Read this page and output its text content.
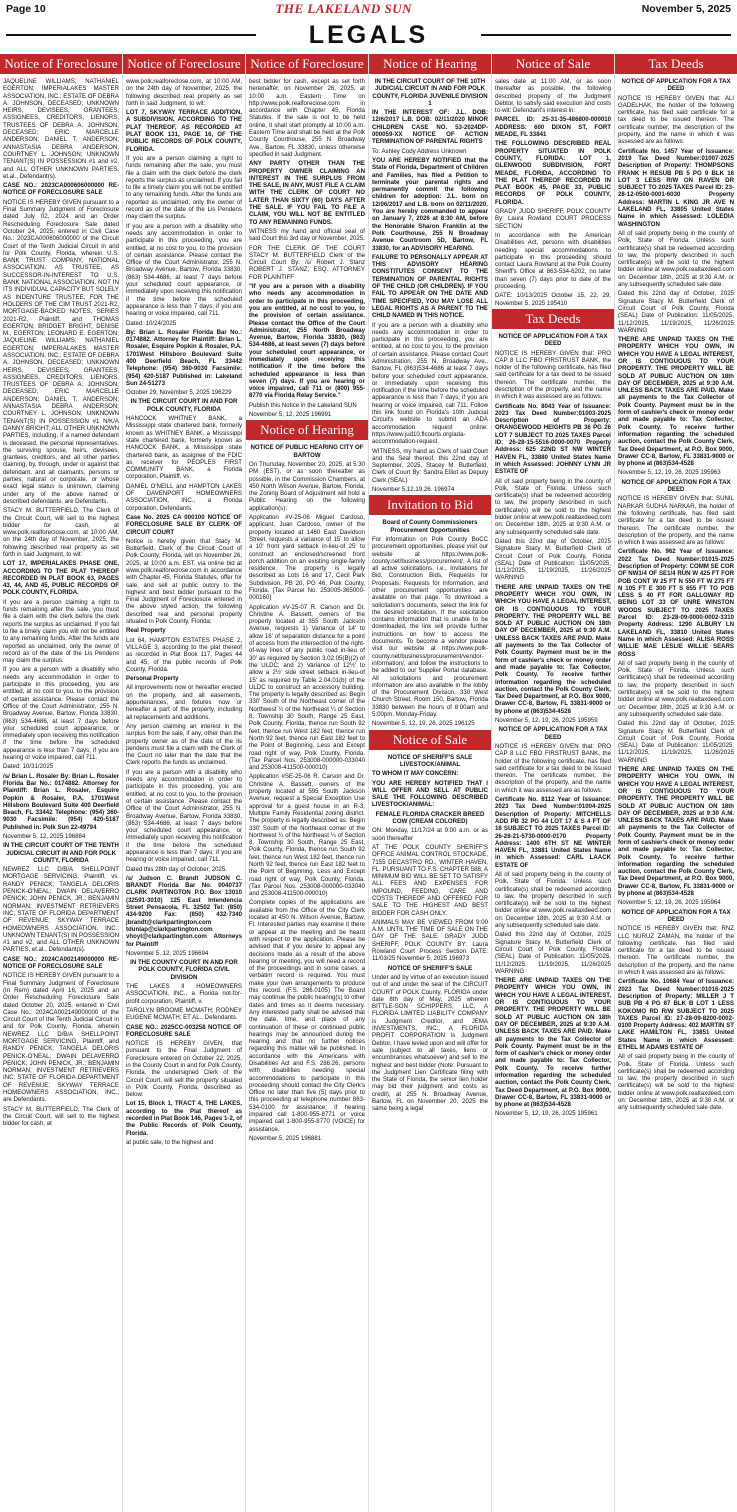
Page 10	THE LAKELAND SUN	November 5, 2025
LEGALS
Notice of Foreclosure

JAQUELINE WILLIAMS; NATHANIEL EGERTON; IMPERIALAKES MASTER ASSOCIATION, INC.; ESTATE OF DEBRA A. JOHNSON, DECEASED; UNKNOWN HEIRS, DEVISEES, GRANTEES, ASSIGNEES, CREDITORS, LIENORS, TRUSTEES OF DEBRA A. JOHNSON, DECEASED; ERIC MARCELLE ANDERSON; DANIEL T. ANDERSON; ANNASTASIA DEBRA ANDERSON; COURTNEY L. JOHNSON; UNKNOWN TENANT(S) IN POSSESSION #1 and #2, and ALL OTHER UNKNOWN PARTIES, et.al., Defendant(s).

CASE NO.: 2023CA000606000000 RE-NOTICE OF FORECLOSURE SALE

NOTICE IS HEREBY GIVEN pursuant to a Final Summary Judgment of Foreclosure dated July 02, 2024 and an Order Rescheduling Foreclosure Sale dated October 24, 2025, entered in Civil Case No.: 2023CA000606000000 of the Circuit Court of the Tenth Judicial Circuit in and for Polk County, Florida, wherein U.S. BANK TRUST COMPANY, NATIONAL ASSOCIATION, AS TRUSTEE, AS SUCCESSOR-IN-INTEREST TO U.S. BANK NATIONAL ASSOCIATION, NOT IN ITS INDIVIDUAL CAPACITY BUT SOLELY AS INDENTURE TRUSTEE, FOR THE HOLDERS OF THE CIM TRUST 2021-R2, MORTGAGE-BACKED NOTES, SERIES 2021-R2, Plaintiff, and THOMAS EGERTON; BRIDGET BRIGHT; DENISE M., EGERTON; LEONARD E. EGERTON; JAQUELINE WILLIAMS; NATHANIEL EGERTON; IMPERIALAKES MASTER ASSOCIATION, INC.; ESTATE OF DEBRA A. JOHNSON, DECEASED; UNKNOWN HEIRS, DEVISEES, GRANTEES, ASSIGNEES, CREDITORS, LIENORS, TRUSTEES OF DEBRA A. JOHNSON, DECEASED; ERIC MARCELLE ANDERSON; DANIEL T. ANDERSON; ANNASTASIA DEBRA ANDERSON; COURTNEY L. JOHNSON; UNKNOWN TENANT(S) IN POSSESSION #1 N/K/A DANNY BRIGHT; ALL OTHER UNKNOWN PARTIES, including, if a named defendant is deceased, the personal representatives, the surviving spouse, heirs, devisees, grantees, creditors, and all other parties claiming, by, through, under or against that defendant, and all claimants, persons or parties, natural or corporate, or whose exact legal status is unknown, claiming under any of the above named or described defendants, are Defendants.

STACY M. BUTTERFIELD, The Clerk of the Circuit Court, will sell to the highest bidder for cash, at www.polk.realforeclose.com, at 10:00 AM, on the 24th day of November, 2025, the following described real property as set forth in said Judgment, to wit:

LOT 17, IMPERIALAKES PHASE ONE, ACCORDING TO THE PLAT THEREOF RECORDED IN PLAT BOOK 63, PAGES 43, 44, AND 45, PUBLIC RECORDS OF POLK COUNTY, FLORIDA.

If you are a person claiming a right to funds remaining after the sale, you must file a claim with the clerk before the clerk reports the surplus as unclaimed. If you fail to file a timely claim you will not be entitled to any remaining funds. After the funds are reported as unclaimed, only the owner of record as of the date of the Lis Pendens may claim the surplus.

If you are a person with a disability who needs any accommodation in order to participate in this proceeding, you are entitled, at no cost to you, to the provision of certain assistance. Please contact the Office of the Court Administrator, 255 N. Broadway Avenue, Bartow, Florida 33830, (863) 534-4686, at least 7 days before your scheduled court appearance, or immediately upon receiving this notification if the time before the scheduled appearance is less than 7 days; if you are hearing or voice impaired, call 711.

Dated: 10/31/2025

/s/ Brian L. Rosaler By: Brian L. Rosaler Florida Bar No.: 0174882. Attorney for Plaintiff: Brian L. Rosaler, Esquire Popkin & Rosaler, P.A. 1701West Hillsboro Boulevard Suite 400 Deerfield Beach, FL 33442 Telephone: (954) 360-9030 Facsimile: (954) 420-5187 Published in: Polk Sun 22-49794

November 5, 12, 2025 196884

IN THE CIRCUIT COURT OF THE TENTH JUDICIAL CIRCUIT IN AND FOR POLK COUNTY, FLORIDA

NEWREZ LLC D/B/A SHELLPOINT MORTGAGE SERVICING, Plaintiff, vs. RANDY PENICK; TANGELA DELORIS PENICK-O'NEAL; DWAIN DELAVERRO PENICK; JOHN PENICK, JR.; BENJAMIN NORMAN; INVESTMENT RETRIEVERS INC; STATE OF FLORIDA DEPARTMENT OF REVENUE; SKYWAY TERRACE HOMEOWNERS ASSOCIATION, INC.; UNKNOWN TENANT(S) IN POSSESSION #1 and #2, and ALL OTHER UNKNOWN PARTIES, et.al., Defendant(s).

CASE NO.: 2024CA002149000000 RE-NOTICE OF FORECLOSURE SALE

NOTICE IS HEREBY GIVEN pursuant to a Final Summary Judgment of Foreclosure (In Rem) dated April 16, 2025 and an Order Rescheduling Foreclosure Sale dated October 20, 2025, entered in Civil Case No.: 2024CA002149000000 of the Circuit Court of the Tenth Judicial Circuit in and for Polk County, Florida, wherein NEWREZ LLC D/B/A SHELLPOINT MORTGAGE SERVICING, Plaintiff, and RANDY PENICK; TANGELA DELORIS PENICK-O'NEAL; DWAIN DELAVERRO PENICK; JOHN PENICK, JR.; BENJAMIN NORMAN; INVESTMENT RETRIEVERS INC; STATE OF FLORIDA DEPARTMENT OF REVENUE; SKYWAY TERRACE HOMEOWNERS ASSOCIATION, INC., are Defendants.

STACY M. BUTTERFIELD, The Clerk of the Circuit Court, will sell to the highest bidder for cash, at

Notice of Foreclosure

www.polk.realforeclose.com, at 10:00 AM, on the 24th day of November, 2025, the following described real property as set forth in said Judgment, to wit:

LOT 7, SKYWAY TERRACE ADDITION, A SUBDIVISION, ACCORDING TO THE PLAT THEREOF, AS RECORDED AT PLAT BOOK 131, PAGE 16, OF THE PUBLIC RECORDS OF POLK COUNTY, FLORIDA.

If you are a person claiming a right to funds remaining after the sale, you must file a claim with the clerk before the clerk reports the surplus as unclaimed. If you fail to file a timely claim you will not be entitled to any remaining funds. After the funds are reported as unclaimed, only the owner of record as of the date of the Lis Pendens may claim the surplus.

If you are a person with a disability who needs any accommodation in order to participate in this proceeding, you are entitled, at no cost to you, to the provision of certain assistance. Please contact the Office of the Court Administrator, 255 N. Broadway Avenue, Bartow, Florida 33830, (863) 534-4686, at least 7 days before your scheduled court appearance, or immediately upon receiving this notification if the time before the scheduled appearance is less than 7 days; if you are hearing or voice impaired, call 711.

Dated: 10/24/2025

By: Brian L. Rosaler Florida Bar No.: 0174882. Attorney for Plaintiff: Brian L. Rosaler, Esquire Popkin & Rosaler, P.A. 1701West Hillsboro Boulevard Suite 400 Deerfield Beach, FL 33442 Telephone: (954) 360-9030 Facsimile: (954) 420-5187 Published in: Lakeland Sun 24-51273

October 29, November 5, 2025 196229

IN THE CIRCUIT COURT IN AND FOR POLK COUNTY, FLORIDA

HANCOCK WHITNEY BANK, a Mississippi state chartered bank, formerly known as WHITNEY BANK, a Mississippi state chartered bank, formerly known as HANCOCK BANK, a Mississippi state chartered bank, as assignee of the FDIC as receiver for PEOPLES FIRST COMMUNITY BANK, a Florida corporation, Plaintiff, vs.

DANIEL O'NEILL and HAMPTON LAKES OF DAVENPORT HOMEOWNERS ASSOCIATION, INC., a Florida corporation, Defendants.

Case No. 2025 CA 000100 NOTICE OF FORECLOSURE SALE BY CLERK OF CIRCUIT COURT

Notice is hereby given that Stacy M. Butterfield, Clerk of the Circuit Court of Polk County, Florida, will on November 26, 2025, at 10:00 a.m. EST, via online bid at www.polk.realforeclose.com in accordance with Chapter 45, Florida Statutes, offer for sale, and sell at public outcry to the highest and best bidder pursuant to the Final Judgment of Foreclosure entered in the above styled action, the following described real and personal property situated in Polk County, Florida:

Real Property

Lot 64, HAMPTON ESTATES PHASE 2, VILLAGE 3, according to the plat thereof as recorded in Plat Book 117, Pages 44 and 45, of the public records of Polk County, Florida.

Personal Property

All improvements now or hereafter erected on the property, and all easements, appurtenances, and fixtures now or hereafter a part of the property, including all replacements and additions.

Any person claiming an interest in the surplus from the sale, if any, other than the property owner as of the date of the lis pendens must file a claim with the Clerk of the Court no later than the date that the Clerk reports the funds as unclaimed.

If you are a person with a disability who needs any accommodation in order to participate in this proceeding, you are entitled, at no cost to you, to the provision of certain assistance. Please contact the Office of the Court Administrator, 255 N. Broadway Avenue, Bartow, Florida 33830, (863) 534-4686, at least 7 days before your scheduled court appearance, or immediately upon receiving this notification if the time before the scheduled appearance is less than 7 days; if you are hearing or voice impaired, call 711.

Dated this 28th day of October, 2025.

/s/ Judson C. Brandt JUDSON C. BRANDT Florida Bar No. 0040737 CLARK PARTINGTON P.O. Box 13010 (32591-3010) 125 East Intendencia Street Pensacola, FL 32502 Tel: (850) 434-9200 Fax: (850) 432-7340 jbrandt@clarkpartington.com tdunlap@clarkpartington.com vhoyt@clarkpartington.com Attorneys for Plaintiff

November 5, 12, 2025 196694

IN THE COUNTY COURT IN AND FOR POLK COUNTY, FLORIDA CIVIL DIVISION

THE LAKES II HOMEOWNERS ASSOCIATION, INC., a Florida not-for-profit corporation, Plaintiff, v.

TAROLYN BROOME MCMATH; RODNEY EUGENE MCMATH; ET AL., Defendants.

CASE NO.: 2025CC-003258 NOTICE OF FORECLOSURE SALE

NOTICE IS HEREBY GIVEN, that pursuant to the Final Judgment of Foreclosure entered on October 22, 2025, in the County Court in and for Polk County, Florida, the undersigned Clerk of the Circuit Court, will sell the property situated in Polk County, Florida, described as below:

Lot 15, Block 1, TRACT 4, THE LAKES, according to the Plat thereof as recorded in Plat Book 146, Pages 1-2, of the Public Records of Polk County, Florida.

at public sale, to the highest and

Notice of Foreclosure

best bidder for cash, except as set forth hereinafter, on November 26, 2025, at 10:00 a.m. Eastern Time on http://www.polk.realforeclose.com in accordance with Chapter 45, Florida Statutes. If the sale is not to be held online, it shall start promptly at 10:00 a.m. Eastern Time and shall be held at the Polk County Courthouse, 255 N. Broadway Ave., Bartow, FL 33830, unless otherwise specified in said Judgment.

ANY PARTY OTHER THAN THE PROPERTY OWNER CLAIMING AN INTEREST IN THE SURPLUS FROM THE SALE, IN ANY, MUST FILE A CLAIM WITH THE CLERK OF COURT NO LATER THAN SIXTY (60) DAYS AFTER THE SALE. IF YOU FAIL TO FILE A CLAIM, YOU WILL NOT BE ENTITLED TO ANY REMAINING FUNDS.

WITNESS my hand and official seal of said Court this 3rd day of November, 2025.

FOR THE CLERK OF THE COURT STACY M. BUTTERFIELD Clerk of the Circuit Court By: /s/ Robert J. Stanz ROBERT J. STANZ, ESQ. ATTORNEY FOR PLAINTIFF

"If you are a person with a disability who needs any accommodation in order to participate in this proceeding, you are entitled, at no cost to you, to the provision of certain assistance. Please contact the Office of the Court Administrator, 255 North Broadway Avenue, Bartow, Florida 33830, (863) 534-4686, at least seven (7) days before your scheduled court appearance, or immediately upon receiving this notification if the time before the scheduled appearance is less than seven (7) days. If you are hearing or voice impaired, call 711 or (800) 955-8770 via Florida Relay Service."

Publish this Notice in the Lakeland SUN

November 5, 12, 2025 196991

Notice of Hearing

NOTICE OF PUBLIC HEARING CITY OF BARTOW

On Thursday, November 20, 2025, at 5:30 PM (EST), or as soon thereafter as possible, in the Commission Chambers, at 450 North Wilson Avenue, Bartow, Florida, the Zoning Board of Adjustment will hold a Public Hearing on the following application(s):

Application #V-25-06 Miguel Cardoso, applicant, Juan Cardoso, owner of the property located at 1460 East Davidson Street, requests a variance of 15' to allow a 10' front yard setback in-lieu-of 25' to construct an enclosed/screened front porch addition on an existing single-family residence. The property is legally described as Lots 16 and 17, Cecil Park Subdivision, PB 20, PG 46, Polk County, Florida. (Tax Parcel No. 253005-365000-000160)

Application #V-25-07 R. Carson and Dr. Christine A. Bassett, owners of the property located at 355 South Jackson Avenue, requests 1) Variance of 14' to allow 16' of separation distance for a point of access from the intersection of the right-of-way lines of any public road in-lieu of 30' as required by Section 3.02.05(B)(2) of the ULDC; and 2) Variance of 12½' to allow a 2½' side street setback in-lieu-of 15' as required by Table 2.04.01(b) of the ULDC to construct an accessory building. The property is legally described as: Begin 330' South of the Northeast corner of the Northwest ¼ of the Northeast ¼ of Section 8, Township 30 South, Range 25 East, Polk County, Florida, thence run South 92 feet, thence run West 182 feet, thence run North 92 feet, thence run East 182 feet to the Point of Beginning, Less and Except road right of way, Polk County, Florida. (Tax Parcel Nos. 253008-000000-033040 and 253008-411500-000010)

Application #SE-25-06 R. Carson and Dr. Christine A. Bassett, owners of the property located at 595 South Jackson Avenue, request a Special Exception Use approval for a guest house in an R-3, Multiple Family Residential zoning district. The property is legally described as: Begin 330' South of the Northeast corner of the Northwest ¼ of the Northeast ¼ of Section 8, Township 30 South, Range 25 East, Polk County, Florida, thence run South 92 feet, thence run West 182 feet, thence run North 92 feet, thence run East 182 feet to the Point of Beginning, Less and Except road right of way, Polk County, Florida. (Tax Parcel Nos. 253008-000000-033040 and 253008-411500-000010)

Complete copies of the applications are available from the Office of the City Clerk located at 450 N. Wilson Avenue, Bartow, Fl. Interested parties may examine it there or appear at the meeting and be heard with respect to the application. Please be advised that if you desire to appeal any decisions made as a result of the above hearing or meeting, you will need a record of the proceedings and in some cases, a verbatim record is required. You must make your own arrangements to produce this record. (F.S. 286.0105) The Board may continue the public hearing(s) to other dates and times as it deems necessary. Any interested party shall be advised that the date, time, and place of any continuation of these or continued public hearings may be announced during the hearing and that no further notices regarding this matter will be published. In accordance with the Americans with Disabilities Act and F.S. 286.26, persons with disabilities needing special accommodations to participate in this proceeding should contact the City Clerk's Office no later than five (5) days prior to this proceeding at telephone number 863-534-0100 for assistance; if hearing impaired call 1-800-955-8771 or voice impaired call 1-800-955-8770 (VOICE) for assistance.

November 5, 2025 196881

Notice of Hearing

IN THE CIRCUIT COURT OF THE 10TH JUDICIAL CIRCUIT IN AND FOR POLK COUNTY, FLORIDA JUVENILE DIVISION 1

IN THE INTEREST OF: J.L. DOB: 12/6/2017 L.B. DOB: 02/11/2020 MINOR CHILDREN CASE NO. 53-2024DP-000059-XX NOTICE OF ACTION TERMINATION OF PARENTAL RIGHTS

To: Ashley Cody Address Unknown

YOU ARE HEREBY NOTIFIED that the State of Florida, Department of Children and Families, has filed a Petition to terminate your parental rights and permanently commit the following children for adoption: J.L. born on 12/06/2017 and L.B. born on 02/11/2020. You are hereby commanded to appear on January 7, 2026 at 8:30 AM, before the Honorable Sharon Franklin at the Polk Courthouse, 255 N Broadway Avenue Courtroom 5D, Bartow, FL 33830, for an ADVISORY HEARING.

FAILURE TO PERSONALLY APPEAR AT THIS ADVISORY HEARING CONSTITUTES CONSENT TO THE TERMINATION OF PARENTAL RIGHTS OF THE CHILD (OR CHILDREN). IF YOU FAIL TO APPEAR ON THE DATE AND TIME SPECIFIED, YOU MAY LOSE ALL LEGAL RIGHTS AS A PARENT TO THE CHILD NAMED IN THIS NOTICE.

If you are a person with a disability who needs any accommodation in order to participate in this proceeding, you are entitled, at no cost to you, to the provision of certain assistance. Please contact Court Administration, 255 N. Broadway Ave., Bartow, FL (863)534-4686 at least 7 days before your scheduled court appearance, or immediately upon receiving this notification if the time before the scheduled appearance is less than 7 days; if you are hearing or voice impaired, call 711. Follow this link found on Florida's 10th Judicial Circuit's website to submit an ADA accommodation request online: https://www.jud10.flcourts.org/ada-accommodation-request

WITNESS, my hand as Clerk of said Court and the Seal thereof, this 22nd day of September, 2025, Stacey M. Butterfield, Clerk of Court By: Sandra Elliot as Deputy Clerk (SEAL)

November 5,12,19,26. 196974

Invitation to Bid

Board of County Commissioners Procurement Opportunities

For information on Polk County BoCC procurement opportunities, please visit our website at https://www.polk-county.net/business/procurement/. A list of all active solicitations, i.e., Invitations for Bid, Construction Bids, Requests for Proposals, Requests for Information, and other procurement opportunities are available on that page. To download a solicitation's documents, select the link for the desired solicitation. If the solicitation contains information that is unable to be downloaded, the link will provide further instructions on how to access the documents. To become a vendor please visit our website at https://www.polk-county.net/business/procurement/vendor-information/, and follow the instructions to be added to our Supplier Portal database. All solicitations and procurement information are also available in the lobby of the Procurement Division, 330 West Church Street, Room 150, Bartow, Florida 33830 between the hours of 8:00am and 5:00pm, Monday-Friday.

November 5, 12, 19, 26, 2025 196125

Notice of Sale

NOTICE OF SHERIFF'S SALE LIVESTOCK/ANIMAL

TO WHOM IT MAY CONCERN:

YOU ARE HEREBY NOTIFIED THAT I WILL OFFER AND SELL AT PUBLIC SALE THE FOLLOWING DESCRIBED LIVESTOCK/ANIMAL:

FEMALE FLORIDA CRACKER BREED COW (CREAM COLORED)

ON: Monday, 11/17/24 at 9:00 a.m. or as soon thereafter

AT THE POLK COUNTY SHERIFF'S OFFICE ANIMAL CONTROL STOCKADE, 7155 DECASTRO RD., WINTER HAVEN, FL. PURSUANT TO F.S. CHAPTER 588, A MINIMUM BID WILL BE SET TO SATISFY ALL FEES AND EXPENSES FOR IMPOUND, FEEDING, CARE AND COSTS THEREOF AND OFFERED FOR SALE TO THE HIGHEST AND BEST BIDDER FOR CASH ONLY.

ANIMALS MAY BE VIEWED FROM 9:00 A.M. UNTIL THE TIME OF SALE ON THE DAY OF THE SALE. GRADY JUDD SHERIFF, POLK COUNTY BY: Laura Rowland Court Process Section DATE: 11/03/25 November 5, 2025 196973

NOTICE OF SHERIFF'S SALE

Under and by virtue of an execution issued out of and under the seal of the CIRCUIT COURT of POLK County, FLORIDA under date 8th day of May, 2025 wherein BITTLE-SON SCHIPPERS, LLC, A FLORIDA LIMITED LIABILITY COMPANY is Judgment Creditor, and JEMA INVESTMENTS, INC., A FLORIDA PROFIT CORPORATION is Judgment Debtor, I have levied upon and will offer for sale (subject to all taxes, liens or encumbrances whatsoever) and sell to the highest and best bidder (Note: Pursuant to the Judgment Lien Certificate filing with the State of Florida, the senior lien holder may bid their judgment and costs as credit), at 255 N. Broadway Avenue, Bartow, FL on November 20, 2025 the same being a legal

Notice of Sale

sales date at 11:00 AM, or as soon thereafter as possible, the following described property of the Judgment Debtor, to satisfy said execution and costs to-wit: Defendant's interest in:

PARCEL ID: 25-31-35-486800-000010 ADDRESS: 600 DIXON ST, FORT MEADE, FL 33841

THE FOLLOWING DESCRIBED REAL PROPERTY SITUATED IN POLK COUNTY, FLORIDA: LOT 1, GLENWOOD SUBDIVISION, FORT MEADE, FLORIDA, ACCORDING TO THE PLAT THEREOF RECORDED IN PLAT BOOK 45, PAGE 33, PUBLIC RECORDS OF POLK COUNTY, FLORIDA.

GRADY JUDD SHERIFF, POLK COUNTY By: Laura Rowland COURT PROCESS SECTION

In accordance with the American Disabilities Act, persons with disabilities needing special accommodations to participate in this proceeding should contact Laura Rowland at the Polk County Sheriff's Office at 863-534-6202, no later than seven (7) days prior to date of the proceeding.

DATE: 10/13/2025 October 15, 22, 29, November 5, 2025 195410

Tax Deeds

NOTICE OF APPLICATION FOR A TAX DEED

NOTICE IS HEREBY GIVEN that: PRO CAP 8 LLC FBO FIRSTRUST BANK, the holder of the following certificate, has filed said certificate for a tax deed to be issued thereon. The certificate number, the description of the property, and the name in which it was assessed are as follows:

Certificate No. 8043 Year of Issuance: 2023 Tax Deed Number:01003-2025 Description of Property: ORANGEWOOD HEIGHTS PB 36 PG 26 LOT 7 SUBJECT TO 2025 TAXES Parcel ID: 26-28-15-5516-0000-0070 Property Address: 625 22ND ST NW WINTER HAVEN FL, 33880 United States Name in which Assessed: JOHNNY LYNN JR ESTATE OF

All of said property being in the county of Polk, State of Florida. Unless such certificate(s) shall be redeemed according to law, the property described in such certificate(s) will be sold to the highest bidder online at www.polk.realtaxdeed.com on: December 18th, 2025 at 9:30 A.M. or any subsequently scheduled sale date.

Dated this 22nd day of October, 2025 Signature Stacy M. Butterfield Clerk of Circuit Court of Polk County, Florida (SEAL) Date of Publication: 11/05/2025, 11/12/2025, 11/19/2025, 11/26/2025 WARNING

THERE ARE UNPAID TAXES ON THE PROPERTY WHICH YOU OWN, IN WHICH YOU HAVE A LEGAL INTEREST, OR IS CONTIGUOUS TO YOUR PROPERTY. THE PROPERTY WILL BE SOLD AT PUBLIC AUCTION ON 18th DAY OF DECEMBER, 2025 at 9:30 A.M. UNLESS BACK TAXES ARE PAID. Make all payments to the Tax Collector of Polk County. Payment must be in the form of cashier's check or money order and made payable to: Tax Collector, Polk County. To receive further information regarding the scheduled auction, contact the Polk County Clerk, Tax Deed Department, at P.O. Box 9000, Drawer CC-8, Bartow, FL 33831-9000 or by phone at (863)534-4528

November 5, 12, 19, 26, 2025 195959

NOTICE OF APPLICATION FOR A TAX DEED

NOTICE IS HEREBY GIVEN that: PRO CAP 8 LLC FBO FIRSTRUST BANK, the holder of the following certificate, has filed said certificate for a tax deed to be issued thereon. The certificate number, the description of the property, and the name in which it was assessed are as follows:

Certificate No. 8112 Year of Issuance: 2023 Tax Deed Number:01004-2025 Description of Property: MITCHELLS ADD PB 32 PG 44 LOT 17 & S 4 FT OF 16 SUBJECT TO 2025 TAXES Parcel ID: 26-28-21-5730-0000-0170 Property Address: 1400 6TH ST NE WINTER HAVEN FL, 33881 United States Name in which Assessed: CARL LAACK ESTATE OF

All of said property being in the county of Polk, State of Florida. Unless such certificate(s) shall be redeemed according to law, the property described in such certificate(s) will be sold to the highest bidder online at www.polk.realtaxdeed.com on: December 18th, 2025 at 9:30 A.M. or any subsequently scheduled sale date.

Dated this 22nd day of October, 2025 Signature Stacy M. Butterfield Clerk of Circuit Court of Polk County, Florida (SEAL) Date of Publication: 11/05/2025, 11/12/2025, 11/19/2025, 11/26/2025 WARNING

THERE ARE UNPAID TAXES ON THE PROPERTY WHICH YOU OWN, IN WHICH YOU HAVE A LEGAL INTEREST, OR IS CONTIGUOUS TO YOUR PROPERTY. THE PROPERTY WILL BE SOLD AT PUBLIC AUCTION ON 18th DAY OF DECEMBER, 2025 at 9:30 A.M. UNLESS BACK TAXES ARE PAID. Make all payments to the Tax Collector of Polk County. Payment must be in the form of cashier's check or money order and made payable to: Tax Collector, Polk County. To receive further information regarding the scheduled auction, contact the Polk County Clerk, Tax Deed Department, at P.O. Box 9000, Drawer CC-8, Bartow, FL 33831-9000 or by phone at (863)534-4528

November 5, 12, 19, 26, 2025 195961

Tax Deeds

NOTICE OF APPLICATION FOR A TAX DEED

NOTICE IS HEREBY GIVEN that: ALI GADELHAK, the holder of the following certificate, has filed said certificate for a tax deed to be issued thereon. The certificate number, the description of the property, and the name in which it was assessed are as follows:

Certificate No. 1457 Year of Issuance: 2019 Tax Deed Number:01007-2025 Description of Property: THOMPSONS FRANK H RESUB PB 5 PG 9 BLK 16 LOT 3 LESS R/W ON RAVEN DR SUBJECT TO 2025 TAXES Parcel ID: 23-28-12-0500-0001-6030 Property Address: MARTIN L KING JR AVE N LAKELAND FL, 33805 United States Name in which Assessed: LOLEDIA WASHINGTON

All of said property being in the county of Polk, State of Florida. Unless such certificate(s) shall be redeemed according to law, the property described in such certificate(s) will be sold to the highest bidder online at www.polk.realtaxdeed.com on: December 18th, 2025 at 9:30 A.M. or any subsequently scheduled sale date.

Dated this 22nd day of October, 2025 Signature Stacy M. Butterfield Clerk of Circuit Court of Polk County, Florida (SEAL) Date of Publication: 11/05/2025, 11/12/2025, 11/19/2025, 11/26/2025 WARNING

THERE ARE UNPAID TAXES ON THE PROPERTY WHICH YOU OWN, IN WHICH YOU HAVE A LEGAL INTEREST, OR IS CONTIGUOUS TO YOUR PROPERTY. THE PROPERTY WILL BE SOLD AT PUBLIC AUCTION ON 18th DAY OF DECEMBER, 2025 at 9:30 A.M. UNLESS BACK TAXES ARE PAID. Make all payments to the Tax Collector of Polk County. Payment must be in the form of cashier's check or money order and made payable to: Tax Collector, Polk County. To receive further information regarding the scheduled auction, contact the Polk County Clerk, Tax Deed Department, at P.O. Box 9000, Drawer CC-8, Bartow, FL 33831-9000 or by phone at (863)534-4528

November 5, 12, 19, 26, 2025 195963

NOTICE OF APPLICATION FOR A TAX DEED

NOTICE IS HEREBY GIVEN that: SUNIL NARKAR SUDHA NARKAR, the holder of the following certificate, has filed said certificate for a tax deed to be issued thereon. The certificate number, the description of the property, and the name in which it was assessed are as follows:

Certificate No. 962 Year of Issuance: 2022 Tax Deed Number:01015-2025 Description of Property: COMM SE COR OF NW1/4 OF SE1/4 RUN W 425 FT FOR POB CONT W 25 FT N 550 FT W 275 FT N 105 FT E 300 FT S 655 FT TO POB LESS S 40 FT FOR GALLOWAY RD BEING LOT 33 OF UNRE WINSTON WOODS SUBJECT TO 2025 TAXES Parcel ID: 23-28-09-0000-0002-3310 Property Address: 1290 ALBURY LN LAKELAND FL, 33810 United States Name in which Assessed: ALISA ROSS WILLIE MAE LESLIE WILLIE SEARS ROSS

All of said property being in the county of Polk, State of Florida. Unless such certificate(s) shall be redeemed according to law, the property described in such certificate(s) will be sold to the highest bidder online at www.polk.realtaxdeed.com on: December 18th, 2025 at 9:30 A.M. or any subsequently scheduled sale date.

Dated this 22nd day of October, 2025 Signature Stacy M. Butterfield Clerk of Circuit Court of Polk County, Florida (SEAL) Date of Publication: 11/05/2025, 11/12/2025, 11/19/2025, 11/26/2025 WARNING

THERE ARE UNPAID TAXES ON THE PROPERTY WHICH YOU OWN, IN WHICH YOU HAVE A LEGAL INTEREST, OR IS CONTIGUOUS TO YOUR PROPERTY. THE PROPERTY WILL BE SOLD AT PUBLIC AUCTION ON 18th DAY OF DECEMBER, 2025 at 9:30 A.M. UNLESS BACK TAXES ARE PAID. Make all payments to the Tax Collector of Polk County. Payment must be in the form of cashier's check or money order and made payable to: Tax Collector, Polk County. To receive further information regarding the scheduled auction, contact the Polk County Clerk, Tax Deed Department, at P.O. Box 9000, Drawer CC-8, Bartow, FL 33831-9000 or by phone at (863)534-4528

November 5, 12, 19, 26, 2025 195964

NOTICE OF APPLICATION FOR A TAX DEED

NOTICE IS HEREBY GIVEN that: RNZ LLC NURUZ ZAMAN, the holder of the following certificate, has filed said certificate for a tax deed to be issued thereon. The certificate number, the description of the property, and the name in which it was assessed are as follows:

Certificate No. 10684 Year of Issuance: 2023 Tax Deed Number:01016-2025 Description of Property: MILLER J T SUB PB 4 PG 87 BLK B LOT 1 LESS KOKOMO RD R/W SUBJECT TO 2025 TAXES Parcel ID: 27-28-09-8200-0002-0100 Property Address: 402 MARTIN ST LAKE HAMILTON FL, 33851 United States Name in which Assessed: ETHEL M ADAMS ESTATE OF

All of said property being in the county of Polk, State of Florida. Unless such certificate(s) shall be redeemed according to law, the property described in such certificate(s) will be sold to the highest bidder online at www.polk.realtaxdeed.com on: December 18th, 2025 at 9:30 A.M. or any subsequently scheduled sale date.
